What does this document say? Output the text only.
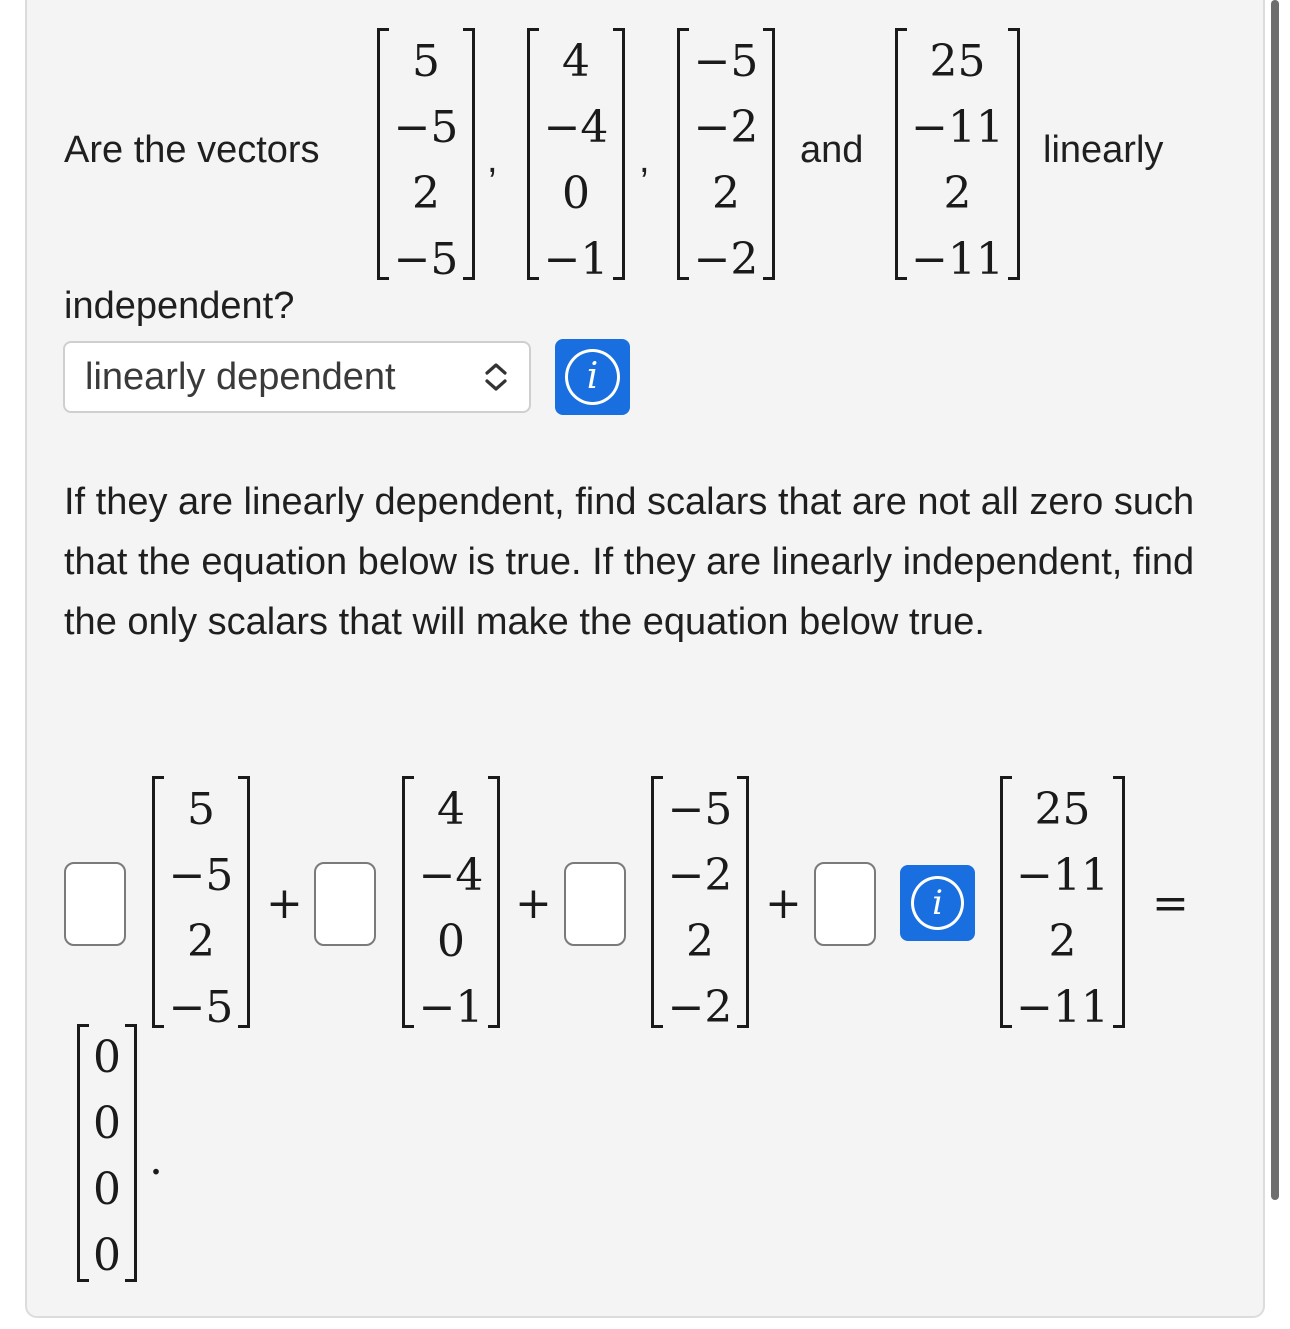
Are the vectors
5
−5
2
−5
,
4
−4
0
−1
,
−5
−2
2
−2
and
25
−11
2
−11
linearly
independent?
linearly dependent	i
If they are linearly dependent, find scalars that are not all zero such that the equation below is true. If they are linearly independent, find the only scalars that will make the equation below true.
5
−5
2
−5
+
4
−4
0
−1
+
−5
−2
2
−2
+	i
25
−11
2
−11
=
0
0
0
0
.
